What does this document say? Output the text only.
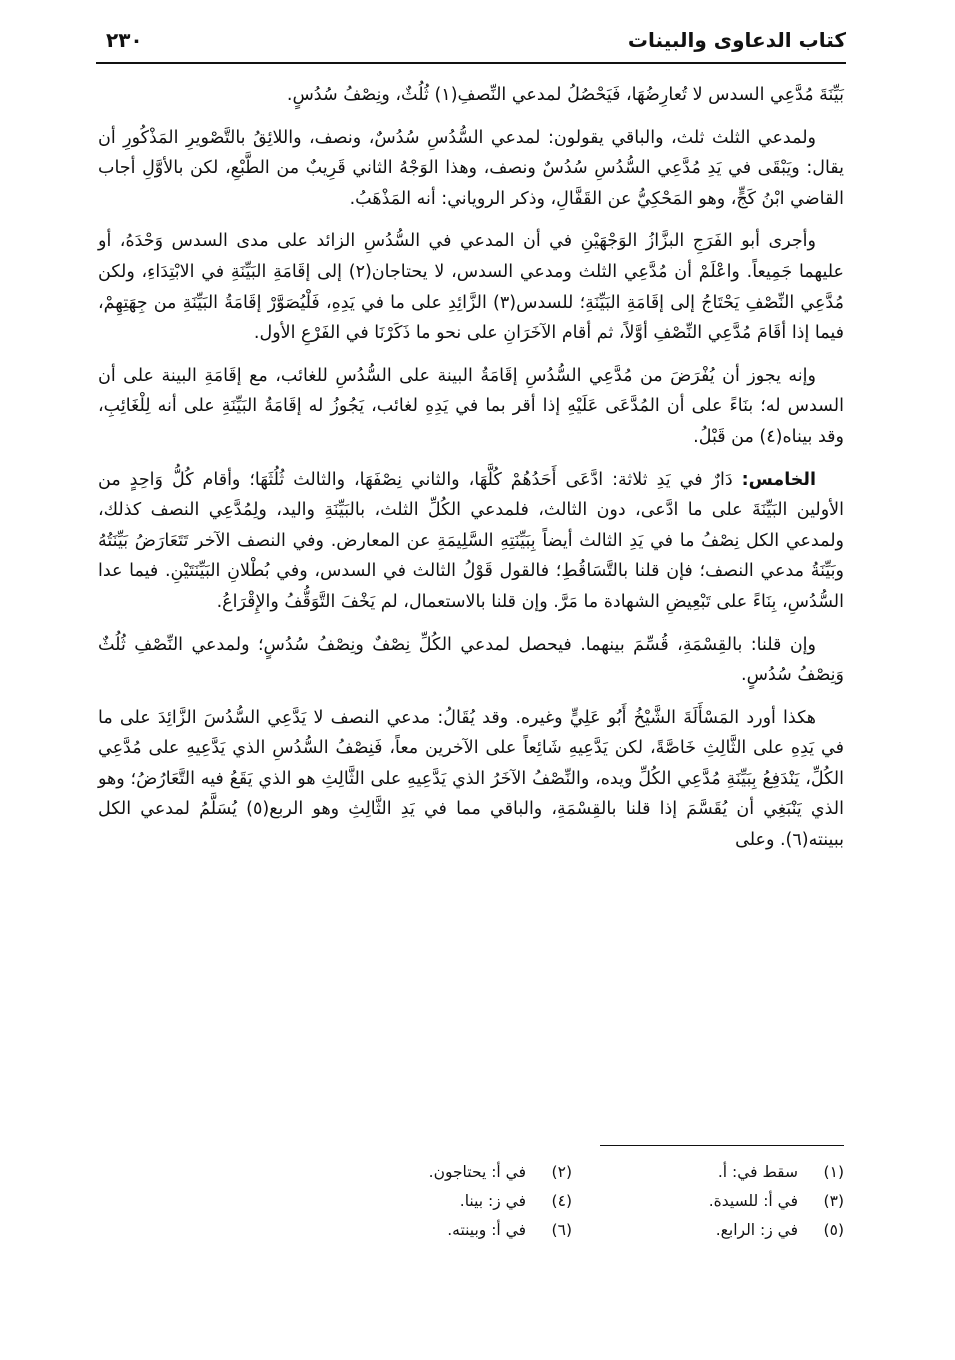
كتاب الدعاوى والبينات
٢٣٠

بَيِّنَةَ مُدَّعِي السدس لا تُعارِضُهَا، فَيَحْصُلُ لمدعي النِّصفِ(١) ثُلُثٌ، ونِصْفُ سُدُسٍ.

ولمدعي الثلث ثلث، والباقي يقولون: لمدعي السُّدُسِ سُدُسٌ، ونصف، واللائِقُ بالتَّصْويرِ المَذْكُورِ أن يقال: ويَبْقَى في يَدِ مُدَّعِي السُّدُسِ سُدُسٌ ونصف، وهذا الوَجْهُ الثاني قَرِيبٌ من الطَّبْعِ، لكن بالأوَّلِ أجاب القاضي ابْنُ كَجٍّ، وهو المَحْكِيُّ عن القَفَّالِ، وذكر الروياني: أنه المَذْهَبُ.

وأجرى أبو الفَرَجِ البزَّازُ الوَجْهَيْنِ في أن المدعي في السُّدُسِ الزائد على مدى السدس وَحْدَهُ، أو عليهما جَمِيعاً. واعْلَمْ أن مُدَّعِي الثلث ومدعي السدس، لا يحتاجان(٢) إلى إقَامَةِ البَيِّنَةِ في الابْتِدَاءِ، ولكن مُدَّعِي النِّصْفِ يَحْتَاجُ إلى إقَامَةِ البَيِّنَةِ؛ للسدس(٣) الزَّائِدِ على ما في يَدِهِ، فَلْيُصَوَّرْ إقَامَةُ البَيِّنَةِ من جِهَتِهِمْ، فيما إذا أقَامَ مُدَّعِي النِّصْفِ أوَّلاً، ثم أقام الآخَرَانِ على نحو ما ذَكَرْنَا في الفَرْعِ الأول.

وإنه يجوز أن يُفْرَضَ من مُدَّعِي السُّدُسِ إقَامَةُ البينة على السُّدُسِ للغائب، مع إقَامَةِ البينة على أن السدس له؛ بنَاءً على أن المُدَّعَى عَلَيْهِ إذا أقر بما في يَدِهِ لغائب، يَجُوزُ له إقَامَةُ البَيِّنَةِ على أنه لِلْغَائِبِ، وقد بيناه(٤) من قَبْلُ.

الخامس: دَارٌ في يَدِ ثلاثة: ادَّعَى أَحَدُهُمْ كُلَّهَا، والثاني نِصْفَهَا، والثالث ثُلُثَهَا؛ وأقام كُلُّ وَاحِدٍ من الأولين البَيِّنَةَ على ما ادَّعى، دون الثالث، فلمدعي الكُلِّ الثلث، بالبَيِّنَةِ واليد، ولِمُدَّعِي النصف كذلك، ولمدعي الكل نِصْفُ ما في يَدِ الثالث أيضاً بِبَيِّنَتِهِ السَّلِيمَةِ عن المعارض. وفي النصف الآخر تَتَعَارَضُ بَيِّنَتُهُ وبَيِّنَةُ مدعي النصف؛ فإن قلنا بالتَّسَاقُطِ؛ فالقول قَوْلُ الثالث في السدس، وفي بُطْلانِ البَيِّنَتَيْنِ. فيما عدا السُّدُسِ، بِنَاءً على تَبْعِيضِ الشهادة ما مَرَّ. وإن قلنا بالاستعمال، لم يَخْفَ التَّوَقُّفُ والإِقْرَاعُ.

وإن قلنا: بالقِسْمَةِ، قُسِّمَ بينهما. فيحصل لمدعي الكُلِّ نِصْفٌ ونِصْفُ سُدُسٍ؛ ولمدعي النِّصْفِ ثُلُثٌ وَنِصْفُ سُدُسٍ.

هكذا أورد المَسْأَلَةَ الشَّيْخُ أَبُو عَلِيٍّ وغيره. وقد يُقَالُ: مدعي النصف لا يَدَّعِي السُّدُسَ الزَّائِدَ على ما في يَدِهِ على الثَّالِثِ خَاصَّةً، لكن يَدَّعِيهِ شَائِعاً على الآخرين معاً، فَنِصْفُ السُّدُسِ الذي يَدَّعِيهِ على مُدَّعِي الكُلِّ، يَنْدَفِعُ بِبَيِّنَةِ مُدَّعِي الكُلِّ ويده، والنِّصْفُ الآخَرُ الذي يَدَّعِيهِ على الثَّالِثِ هو الذي يَقَعُ فيه التَّعَارُضُ؛ وهو الذي يَنْبَغِي أن يُقَسَّمَ إذا قلنا بالقِسْمَةِ، والباقي مما في يَدِ الثَّالِثِ وهو الربع(٥) يُسَلَّمُ لمدعي الكل ببينته(٦). وعلى

(١)سقط في: أ.
(٢)في أ: يحتاجون.
(٣)في أ: للسيدة.
(٤)في ز: بينا.
(٥)في ز: الرابع.
(٦)في أ: وبينته.
